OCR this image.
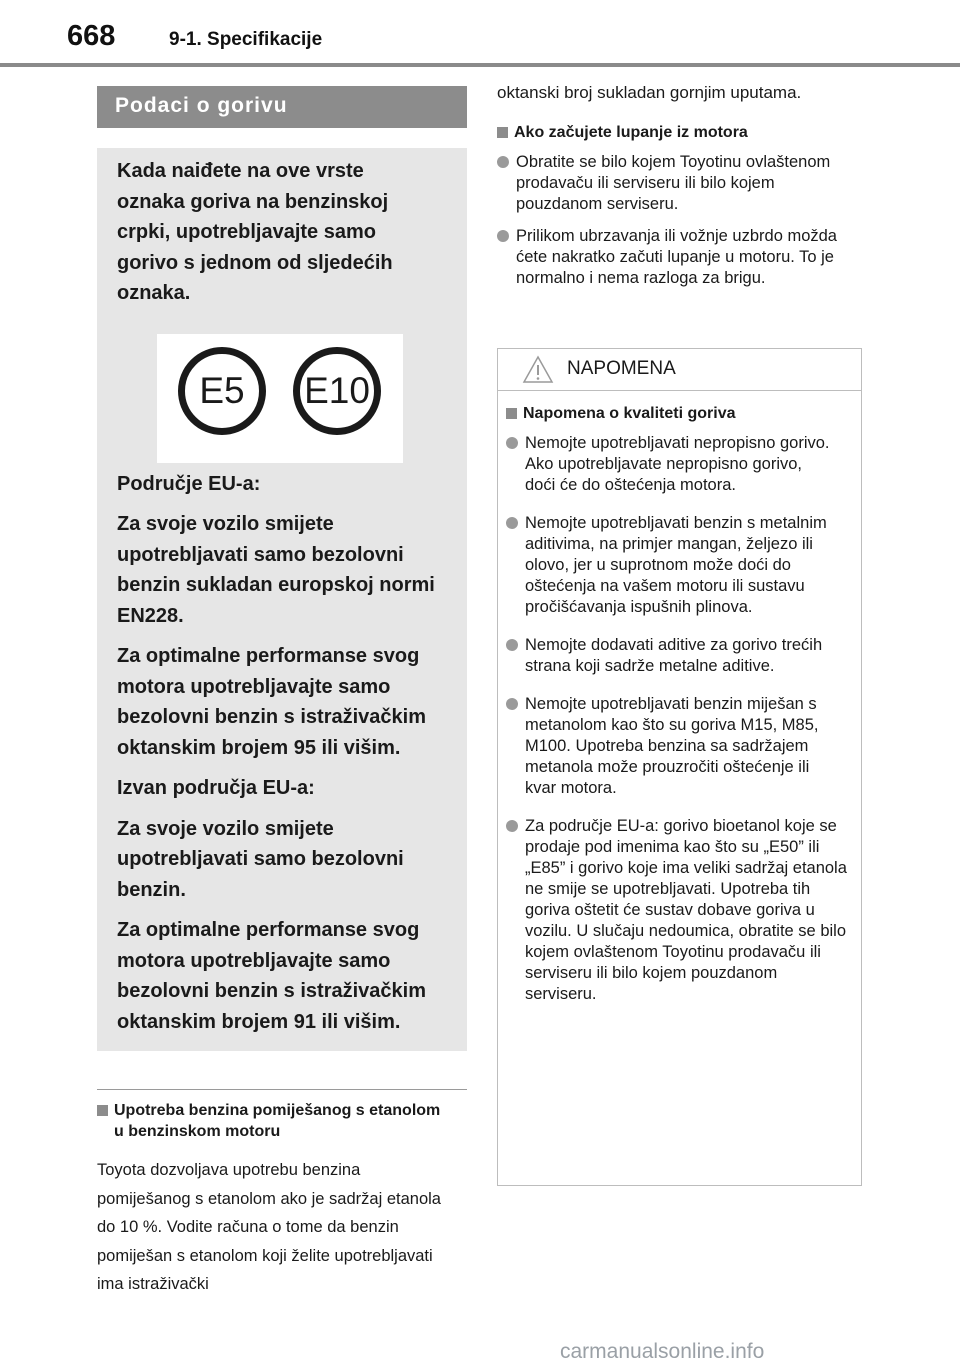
668	9-1. Specifikacije
Podaci o gorivu

Kada naiđete na ove vrste oznaka goriva na benzinskoj crpki, upotrebljavajte samo gorivo s jednom od sljedećih oznaka.

E5	E10

Područje EU-a:

Za svoje vozilo smijete upotrebljavati samo bezolovni benzin sukladan europskoj normi EN228.

Za optimalne performanse svog motora upotrebljavajte samo bezolovni benzin s istraživačkim oktanskim brojem 95 ili višim.

Izvan područja EU-a:

Za svoje vozilo smijete upotrebljavati samo bezolovni benzin.

Za optimalne performanse svog motora upotrebljavajte samo bezolovni benzin s istraživačkim oktanskim brojem 91 ili višim.

Upotreba benzina pomiješanog s etanolom u benzinskom motoru

Toyota dozvoljava upotrebu benzina pomiješanog s etanolom ako je sadržaj etanola do 10 %. Vodite računa o tome da benzin pomiješan s etanolom koji želite upotrebljavati ima istraživački

oktanski broj sukladan gornjim uputama.

Ako začujete lupanje iz motora
Obratite se bilo kojem Toyotinu ovlaštenom prodavaču ili serviseru ili bilo kojem pouzdanom serviseru.
Prilikom ubrzavanja ili vožnje uzbrdo možda ćete nakratko začuti lupanje u motoru. To je normalno i nema razloga za brigu.
NAPOMENA
Napomena o kvaliteti goriva
Nemojte upotrebljavati nepropisno gorivo. Ako upotrebljavate nepropisno gorivo, doći će do oštećenja motora.
Nemojte upotrebljavati benzin s metalnim aditivima, na primjer mangan, željezo ili olovo, jer u suprotnom može doći do oštećenja na vašem motoru ili sustavu pročišćavanja ispušnih plinova.
Nemojte dodavati aditive za gorivo trećih strana koji sadrže metalne aditive.
Nemojte upotrebljavati benzin miješan s metanolom kao što su goriva M15, M85, M100. Upotreba benzina sa sadržajem metanola može prouzročiti oštećenje ili kvar motora.
Za područje EU-a: gorivo bioetanol koje se prodaje pod imenima kao što su „E50” ili „E85” i gorivo koje ima veliki sadržaj etanola ne smije se upotrebljavati. Upotreba tih goriva oštetit će sustav dobave goriva u vozilu. U slučaju nedoumica, obratite se bilo kojem ovlaštenom Toyotinu prodavaču ili serviseru ili bilo kojem pouzdanom serviseru.
carmanualsonline.info
